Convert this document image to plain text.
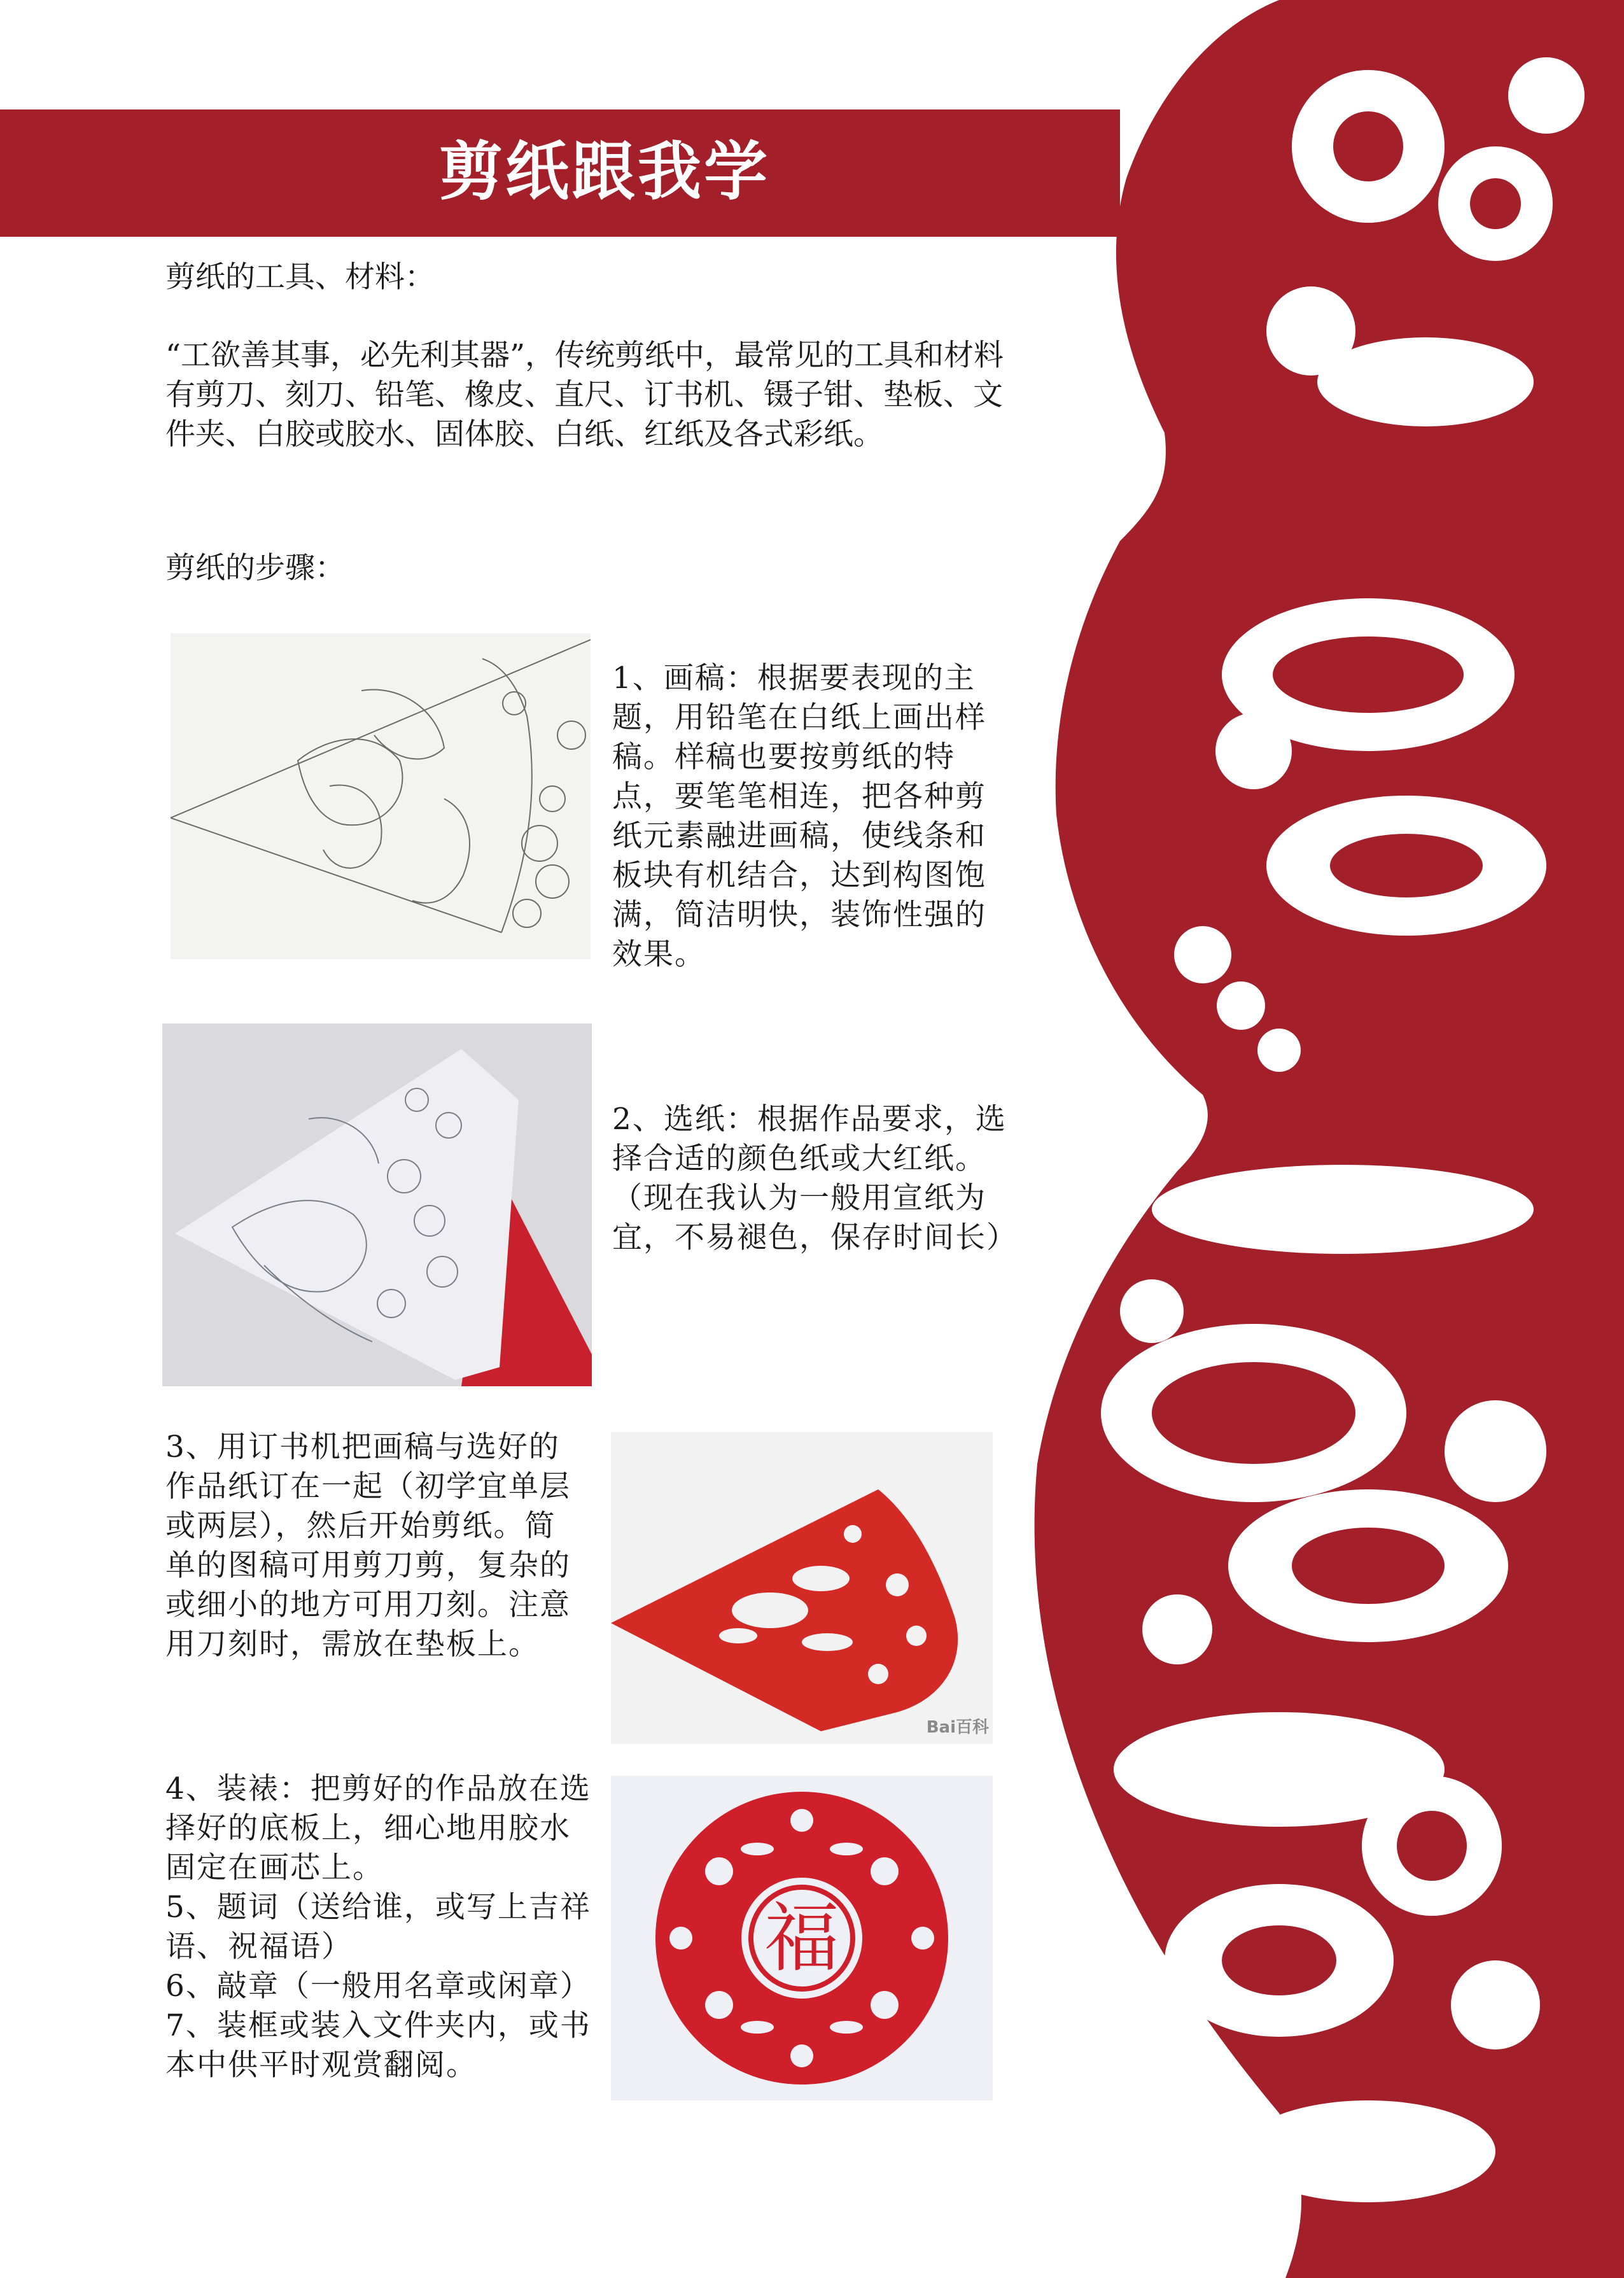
剪纸跟我学

剪纸的工具、材料：

“工欲善其事，必先利其器”，传统剪纸中，最常见的工具和材料有剪刀、刻刀、铅笔、橡皮、直尺、订书机、镊子钳、垫板、文件夹、白胶或胶水、固体胶、白纸、红纸及各式彩纸。

剪纸的步骤：

1、画稿：根据要表现的主题，用铅笔在白纸上画出样稿。样稿也要按剪纸的特点，要笔笔相连，把各种剪纸元素融进画稿，使线条和板块有机结合，达到构图饱满，简洁明快，装饰性强的效果。

2、选纸：根据作品要求，选择合适的颜色纸或大红纸。（现在我认为一般用宣纸为宜，不易褪色，保存时间长）

3、用订书机把画稿与选好的作品纸订在一起（初学宜单层或两层），然后开始剪纸。简单的图稿可用剪刀剪，复杂的或细小的地方可用刀刻。注意用刀刻时，需放在垫板上。

Bai百科
4、装裱：把剪好的作品放在选择好的底板上，细心地用胶水固定在画芯上。
5、题词（送给谁，或写上吉祥语、祝福语）
6、敲章（一般用名章或闲章）
7、装框或装入文件夹内，或书本中供平时观赏翻阅。
福
